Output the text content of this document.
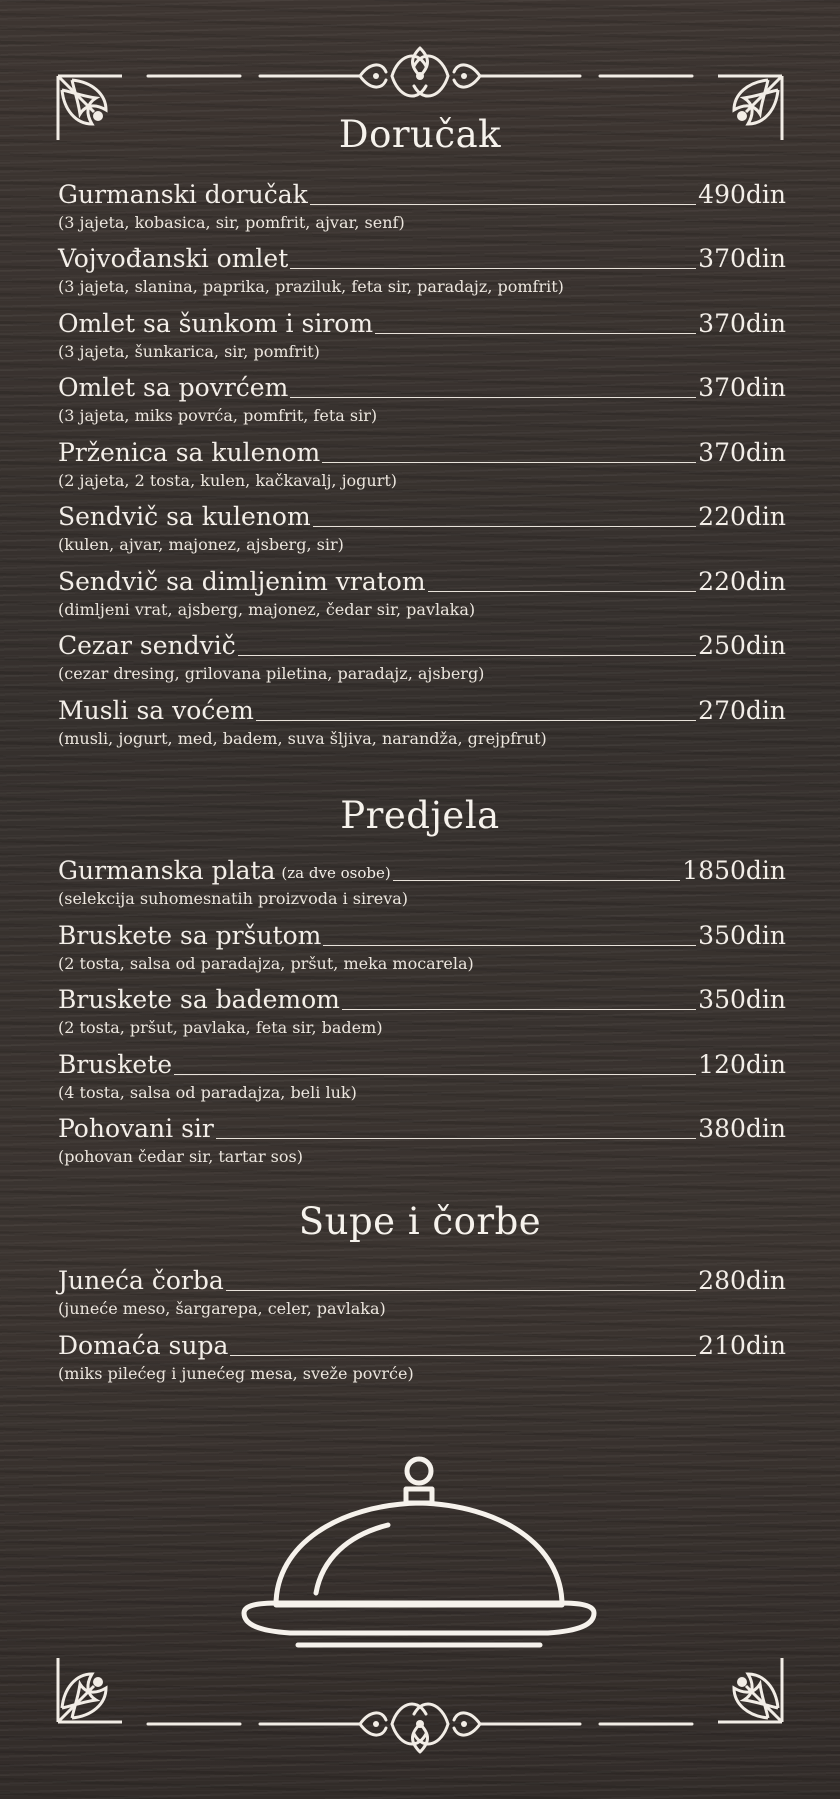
Doručak
Gurmanski doručak	490din
(3 jajeta, kobasica, sir, pomfrit, ajvar, senf)
Vojvođanski omlet	370din
(3 jajeta, slanina, paprika, praziluk, feta sir, paradajz, pomfrit)
Omlet sa šunkom i sirom	370din
(3 jajeta, šunkarica, sir, pomfrit)
Omlet sa povrćem	370din
(3 jajeta, miks povrća, pomfrit, feta sir)
Prženica sa kulenom	370din
(2 jajeta, 2 tosta, kulen, kačkavalj, jogurt)
Sendvič sa kulenom	220din
(kulen, ajvar, majonez, ajsberg, sir)
Sendvič sa dimljenim vratom	220din
(dimljeni vrat, ajsberg, majonez, čedar sir, pavlaka)
Cezar sendvič	250din
(cezar dresing, grilovana piletina, paradajz, ajsberg)
Musli sa voćem	270din
(musli, jogurt, med, badem, suva šljiva, narandža, grejpfrut)
Predjela
Gurmanska plata (za dve osobe)	1850din
(selekcija suhomesnatih proizvoda i sireva)
Bruskete sa pršutom	350din
(2 tosta, salsa od paradajza, pršut, meka mocarela)
Bruskete sa bademom	350din
(2 tosta, pršut, pavlaka, feta sir, badem)
Bruskete	120din
(4 tosta, salsa od paradajza, beli luk)
Pohovani sir	380din
(pohovan čedar sir, tartar sos)
Supe i čorbe
Juneća čorba	280din
(juneće meso, šargarepa, celer, pavlaka)
Domaća supa	210din
(miks pilećeg i junećeg mesa, sveže povrće)
